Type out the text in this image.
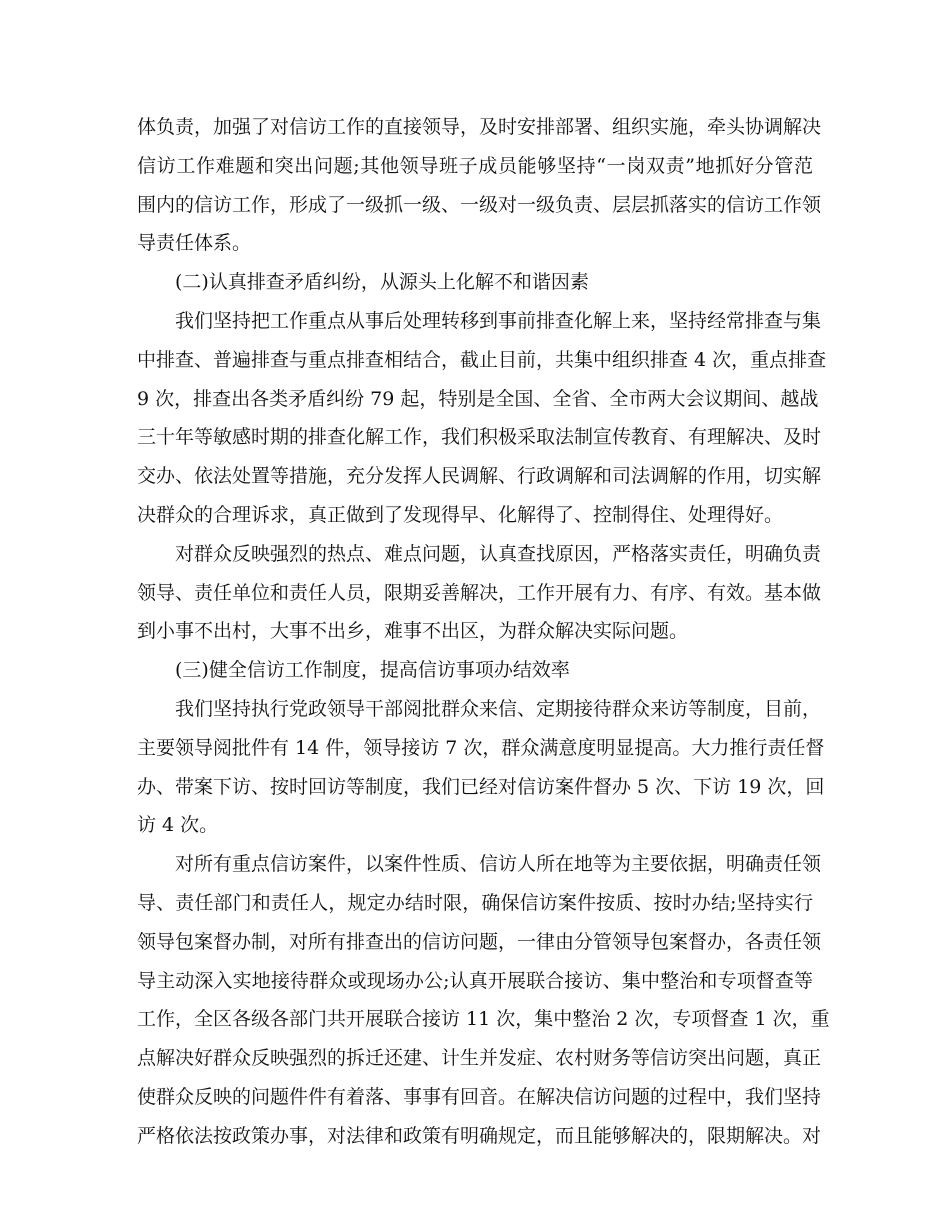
体负责，加强了对信访工作的直接领导，及时安排部署、组织实施，牵头协调解决
信访工作难题和突出问题;其他领导班子成员能够坚持“一岗双责”地抓好分管范
围内的信访工作，形成了一级抓一级、一级对一级负责、层层抓落实的信访工作领
导责任体系。
(二)认真排查矛盾纠纷，从源头上化解不和谐因素
我们坚持把工作重点从事后处理转移到事前排查化解上来，坚持经常排查与集
中排查、普遍排查与重点排查相结合，截止目前，共集中组织排查 4 次，重点排查
9 次，排查出各类矛盾纠纷 79 起，特别是全国、全省、全市两大会议期间、越战
三十年等敏感时期的排查化解工作，我们积极采取法制宣传教育、有理解决、及时
交办、依法处置等措施，充分发挥人民调解、行政调解和司法调解的作用，切实解
决群众的合理诉求，真正做到了发现得早、化解得了、控制得住、处理得好。
对群众反映强烈的热点、难点问题，认真查找原因，严格落实责任，明确负责
领导、责任单位和责任人员，限期妥善解决，工作开展有力、有序、有效。基本做
到小事不出村，大事不出乡，难事不出区，为群众解决实际问题。
(三)健全信访工作制度，提高信访事项办结效率
我们坚持执行党政领导干部阅批群众来信、定期接待群众来访等制度，目前，
主要领导阅批件有 14 件，领导接访 7 次，群众满意度明显提高。大力推行责任督
办、带案下访、按时回访等制度，我们已经对信访案件督办 5 次、下访 19 次，回
访 4 次。
对所有重点信访案件，以案件性质、信访人所在地等为主要依据，明确责任领
导、责任部门和责任人，规定办结时限，确保信访案件按质、按时办结;坚持实行
领导包案督办制，对所有排查出的信访问题，一律由分管领导包案督办，各责任领
导主动深入实地接待群众或现场办公;认真开展联合接访、集中整治和专项督查等
工作，全区各级各部门共开展联合接访 11 次，集中整治 2 次，专项督查 1 次，重
点解决好群众反映强烈的拆迁还建、计生并发症、农村财务等信访突出问题，真正
使群众反映的问题件件有着落、事事有回音。在解决信访问题的过程中，我们坚持
严格依法按政策办事，对法律和政策有明确规定，而且能够解决的，限期解决。对
